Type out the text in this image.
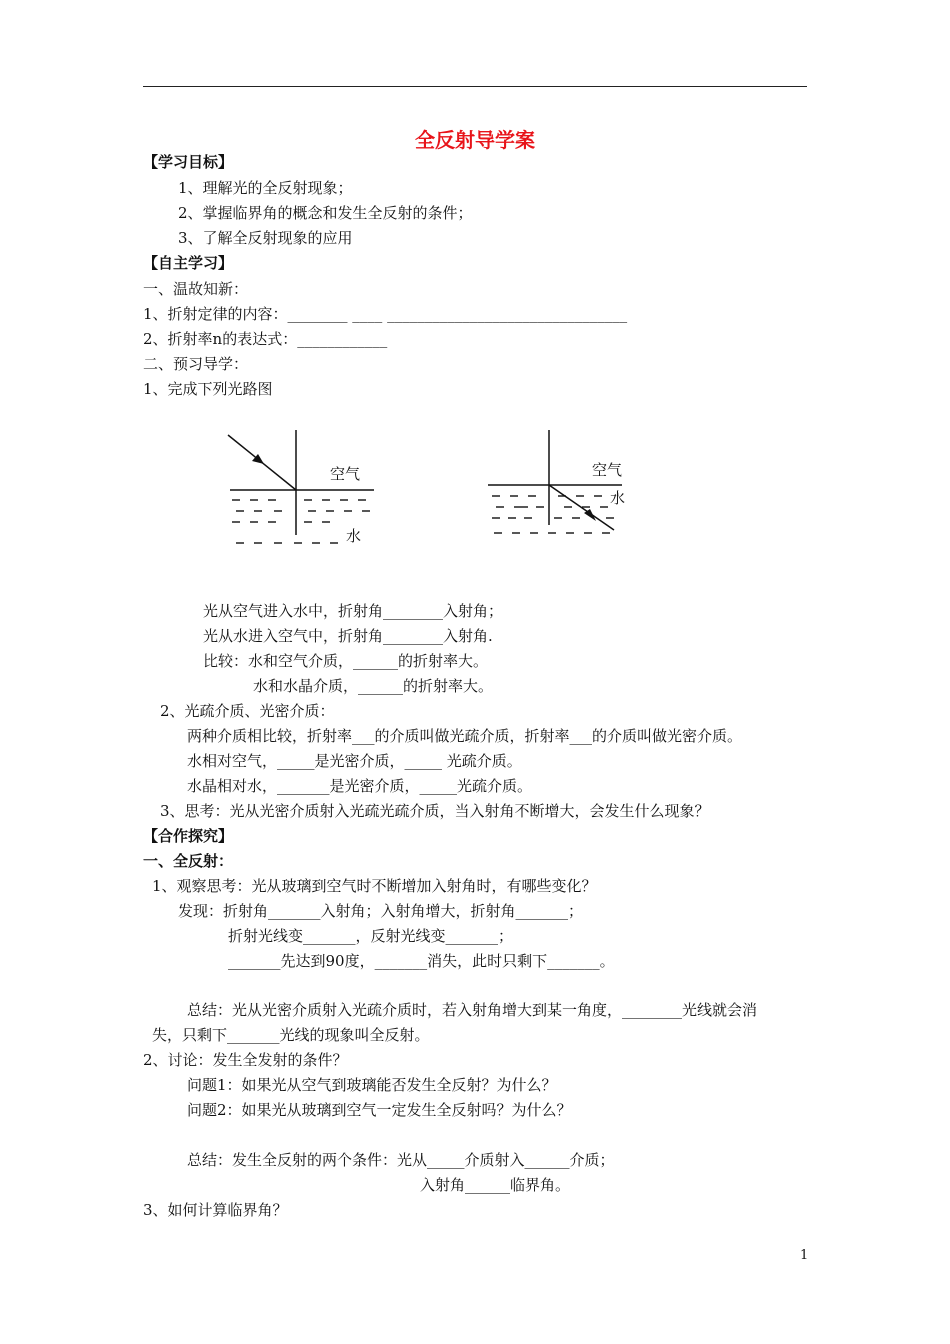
全反射导学案
【学习目标】
1、理解光的全反射现象；
2、掌握临界角的概念和发生全反射的条件；
3、了解全反射现象的应用
【自主学习】
一、温故知新：
1、折射定律的内容：________ ____ ________________________________
2、折射率n的表达式：____________
二、预习导学：
1、完成下列光路图
空气
水
空气
水
光从空气进入水中，折射角________入射角；
光从水进入空气中，折射角________入射角.
比较：水和空气介质，______的折射率大。
水和水晶介质，______的折射率大。
2、光疏介质、光密介质：
两种介质相比较，折射率___的介质叫做光疏介质，折射率___的介质叫做光密介质。
水相对空气，_____是光密介质，_____ 光疏介质。
水晶相对水，_______是光密介质，_____光疏介质。
3、思考：光从光密介质射入光疏光疏介质，当入射角不断增大，会发生什么现象？
【合作探究】
一、全反射：
1、观察思考：光从玻璃到空气时不断增加入射角时，有哪些变化？
发现：折射角_______入射角；入射角增大，折射角_______；
折射光线变_______，反射光线变_______；
_______先达到90度，_______消失，此时只剩下_______。
总结：光从光密介质射入光疏介质时，若入射角增大到某一角度，________光线就会消
失，只剩下_______光线的现象叫全反射。
2、讨论：发生全发射的条件？
问题1：如果光从空气到玻璃能否发生全反射？为什么？
问题2：如果光从玻璃到空气一定发生全反射吗？为什么？
总结：发生全反射的两个条件：光从_____介质射入______介质；
入射角______临界角。
3、如何计算临界角？
1
